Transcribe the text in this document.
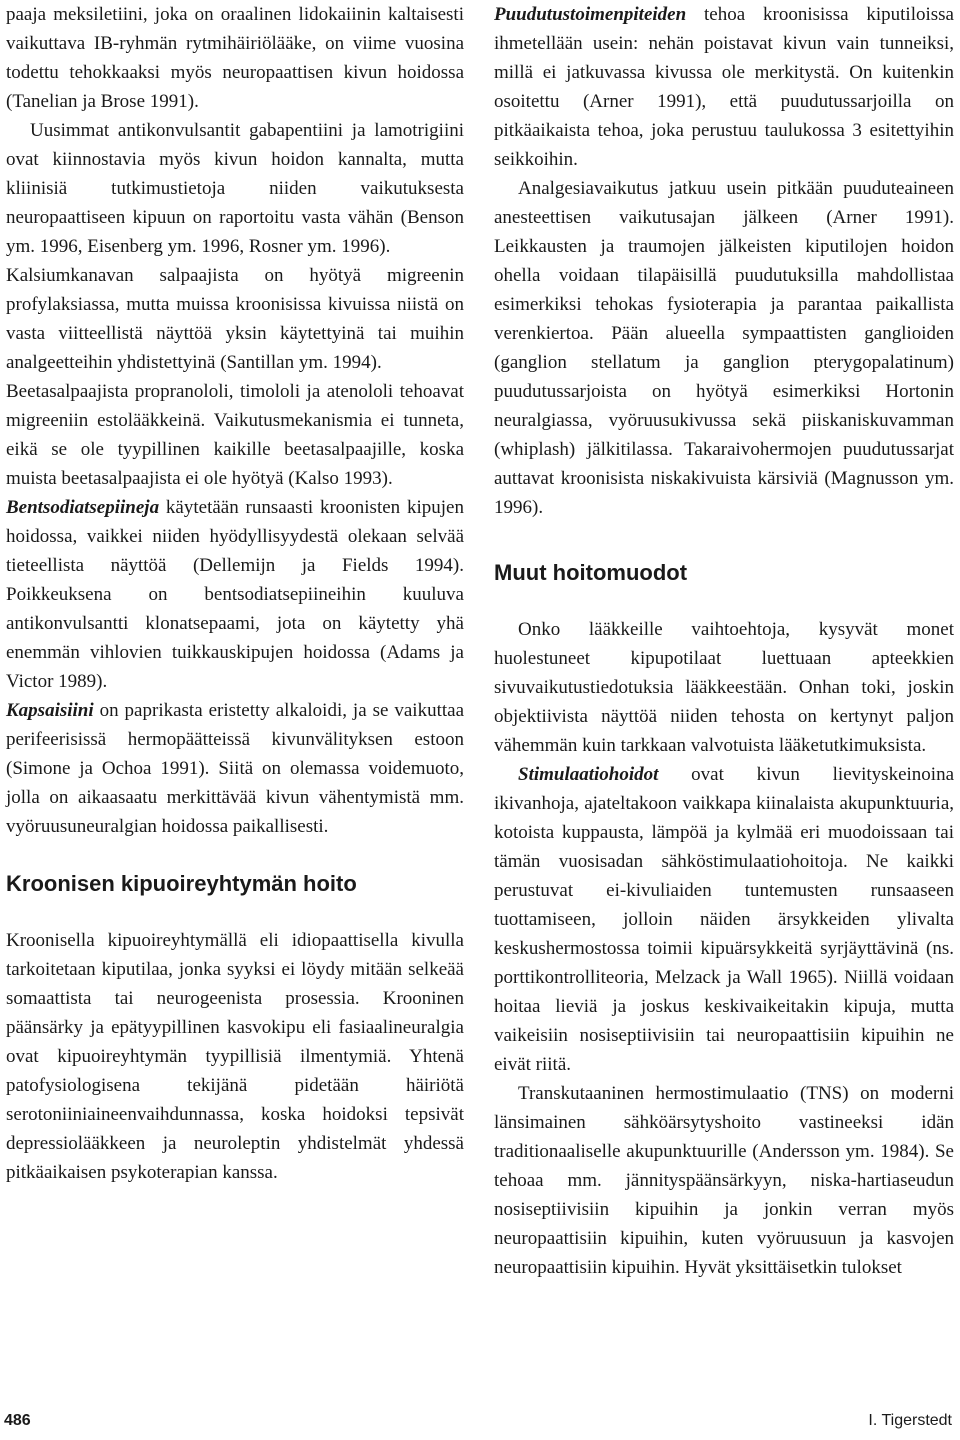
paaja meksiletiini, joka on oraalinen lidokaiinin kaltaisesti vaikuttava IB-ryhmän rytmihäiriölääke, on viime vuosina todettu tehokkaaksi myös neuropaattisen kivun hoidossa (Tanelian ja Brose 1991).

Uusimmat antikonvulsantit gabapentiini ja lamotrigiini ovat kiinnostavia myös kivun hoidon kannalta, mutta kliinisiä tutkimustietoja niiden vaikutuksesta neuropaattiseen kipuun on raportoitu vasta vähän (Benson ym. 1996, Eisenberg ym. 1996, Rosner ym. 1996).

Kalsiumkanavan salpaajista on hyötyä migreenin profylaksiassa, mutta muissa kroonisissa kivuissa niistä on vasta viitteellistä näyttöä yksin käytettyinä tai muihin analgeetteihin yhdistettyinä (Santillan ym. 1994).

Beetasalpaajista propranololi, timololi ja atenololi tehoavat migreeniin estolääkkeinä. Vaikutusmekanismia ei tunneta, eikä se ole tyypillinen kaikille beetasalpaajille, koska muista beetasalpaajista ei ole hyötyä (Kalso 1993).

Bentsodiatsepiineja käytetään runsaasti kroonisten kipujen hoidossa, vaikkei niiden hyödyllisyydestä olekaan selvää tieteellista näyttöä (Dellemijn ja Fields 1994). Poikkeuksena on bentsodiatsepiineihin kuuluva antikonvulsantti klonatsepaami, jota on käytetty yhä enemmän vihlovien tuikkauskipujen hoidossa (Adams ja Victor 1989).

Kapsaisiini on paprikasta eristetty alkaloidi, ja se vaikuttaa perifeerisissä hermopäätteissä kivunvälityksen estoon (Simone ja Ochoa 1991). Siitä on olemassa voidemuoto, jolla on aikaasaatu merkittävää kivun vähentymistä mm. vyöruusuneuralgian hoidossa paikallisesti.

Kroonisen kipuoireyhtymän hoito

Kroonisella kipuoireyhtymällä eli idiopaattisella kivulla tarkoitetaan kiputilaa, jonka syyksi ei löydy mitään selkeää somaattista tai neurogeenista prosessia. Krooninen päänsärky ja epätyypillinen kasvokipu eli fasiaalineuralgia ovat kipuoireyhtymän tyypillisiä ilmentymiä. Yhtenä patofysiologisena tekijänä pidetään häiriötä serotoniiniaineenvaihdunnassa, koska hoidoksi tepsivät depressiolääkkeen ja neuroleptin yhdistelmät yhdessä pitkäaikaisen psykoterapian kanssa.

Puudutustoimenpiteiden tehoa kroonisissa kiputiloissa ihmetellään usein: nehän poistavat kivun vain tunneiksi, millä ei jatkuvassa kivussa ole merkitystä. On kuitenkin osoitettu (Arner 1991), että puudutussarjoilla on pitkäaikaista tehoa, joka perustuu taulukossa 3 esitettyihin seikkoihin.

Analgesiavaikutus jatkuu usein pitkään puuduteaineen anesteettisen vaikutusajan jälkeen (Arner 1991). Leikkausten ja traumojen jälkeisten kiputilojen hoidon ohella voidaan tilapäisillä puudutuksilla mahdollistaa esimerkiksi tehokas fysioterapia ja parantaa paikallista verenkiertoa. Pään alueella sympaattisten ganglioiden (ganglion stellatum ja ganglion pterygopalatinum) puudutussarjoista on hyötyä esimerkiksi Hortonin neuralgiassa, vyöruusukivussa sekä piiskaniskuvamman (whiplash) jälkitilassa. Takaraivohermojen puudutussarjat auttavat kroonisista niskakivuista kärsiviä (Magnusson ym. 1996).

Muut hoitomuodot

Onko lääkkeille vaihtoehtoja, kysyvät monet huolestuneet kipupotilaat luettuaan apteekkien sivuvaikutustiedotuksia lääkkeestään. Onhan toki, joskin objektiivista näyttöä niiden tehosta on kertynyt paljon vähemmän kuin tarkkaan valvotuista lääketutkimuksista.

Stimulaatiohoidot ovat kivun lievityskeinoina ikivanhoja, ajateltakoon vaikkapa kiinalaista akupunktuuria, kotoista kuppausta, lämpöä ja kylmää eri muodoissaan tai tämän vuosisadan sähköstimulaatiohoitoja. Ne kaikki perustuvat ei-kivuliaiden tuntemusten runsaaseen tuottamiseen, jolloin näiden ärsykkeiden ylivalta keskushermostossa toimii kipuärsykkeitä syrjäyttävinä (ns. porttikontrolliteoria, Melzack ja Wall 1965). Niillä voidaan hoitaa lieviä ja joskus keskivaikeitakin kipuja, mutta vaikeisiin nosiseptiivisiin tai neuropaattisiin kipuihin ne eivät riitä.

Transkutaaninen hermostimulaatio (TNS) on moderni länsimainen sähköärsytyshoito vastineeksi idän traditionaaliselle akupunktuurille (Andersson ym. 1984). Se tehoaa mm. jännityspäänsärkyyn, niska-hartiaseudun nosiseptiivisiin kipuihin ja jonkin verran myös neuropaattisiin kipuihin, kuten vyöruusuun ja kasvojen neuropaattisiin kipuihin. Hyvät yksittäisetkin tulokset

486	I. Tigerstedt
